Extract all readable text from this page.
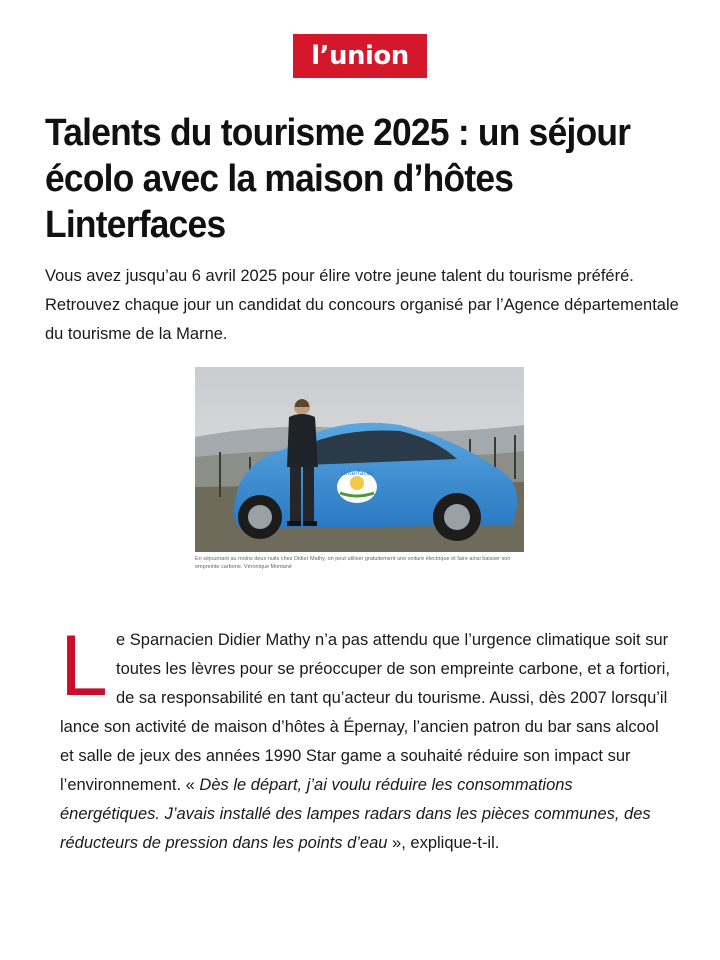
l’union
Talents du tourisme 2025 : un séjour écolo avec la maison d’hôtes Linterfaces

Vous avez jusqu’au 6 avril 2025 pour élire votre jeune talent du tourisme préféré. Retrouvez chaque jour un candidat du concours organisé par l’Agence départementale du tourisme de la Marne.

Linterfaces
En séjournant au moins deux nuits chez Didier Mathy, on peut utiliser gratuitement une voiture électrique et faire ainsi baisser son empreinte carbone. Véronique Montané
L e Sparnacien Didier Mathy n’a pas attendu que l’urgence climatique soit sur toutes les lèvres pour se préoccuper de son empreinte carbone, et a fortiori, de sa responsabilité en tant qu’acteur du tourisme. Aussi, dès 2007 lorsqu’il lance son activité de maison d’hôtes à Épernay, l’ancien patron du bar sans alcool et salle de jeux des années 1990 Star game a souhaité réduire son impact sur l’environnement. « Dès le départ, j’ai voulu réduire les consommations énergétiques. J’avais installé des lampes radars dans les pièces communes, des réducteurs de pression dans les points d’eau », explique-t-il.
